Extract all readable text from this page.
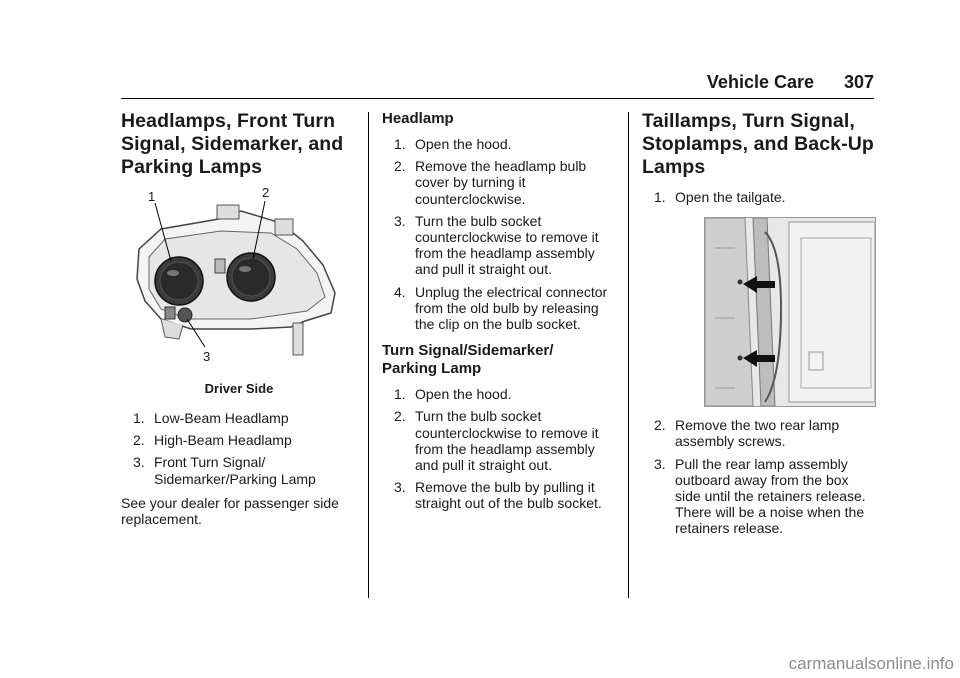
Vehicle Care 307
Headlamps, Front Turn
Signal, Sidemarker, and
Parking Lamps
1	2
3
Driver Side
1. Low-Beam Headlamp
2. High-Beam Headlamp
3. Front Turn Signal/ Sidemarker/Parking Lamp

See your dealer for passenger side replacement.

Headlamp
1. Open the hood.
2. Remove the headlamp bulb cover by turning it counterclockwise.
3. Turn the bulb socket counterclockwise to remove it from the headlamp assembly and pull it straight out.
4. Unplug the electrical connector from the old bulb by releasing the clip on the bulb socket.
Turn Signal/Sidemarker/
Parking Lamp
1. Open the hood.
2. Turn the bulb socket counterclockwise to remove it from the headlamp assembly and pull it straight out.
3. Remove the bulb by pulling it straight out of the bulb socket.
Taillamps, Turn Signal,
Stoplamps, and Back-Up
Lamps
1. Open the tailgate.
2. Remove the two rear lamp assembly screws.
3. Pull the rear lamp assembly outboard away from the box side until the retainers release. There will be a noise when the retainers release.
carmanualsonline.info
